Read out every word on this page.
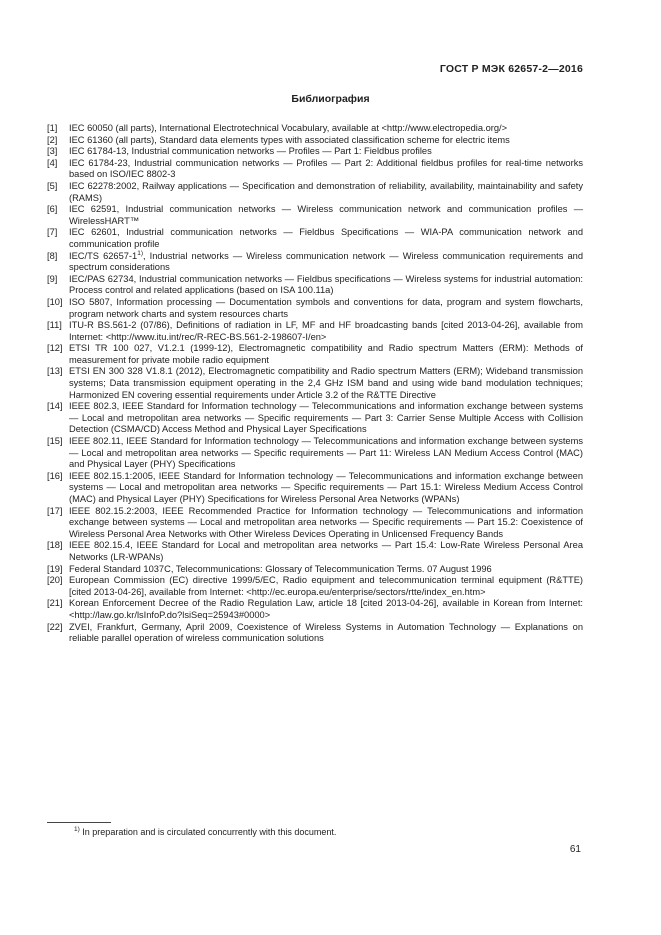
ГОСТ Р МЭК 62657-2—2016
Библиография
[1]	IEC 60050 (all parts), International Electrotechnical Vocabulary, available at <http://www.electropedia.org/>
[2]	IEC 61360 (all parts), Standard data elements types with associated classification scheme for electric items
[3]	IEC 61784-13, Industrial communication networks — Profiles — Part 1: Fieldbus profiles
[4]	IEC 61784-23, Industrial communication networks — Profiles — Part 2: Additional fieldbus profiles for real-time networks based on ISO/IEC 8802-3
[5]	IEC 62278:2002, Railway applications — Specification and demonstration of reliability, availability, maintainability and safety (RAMS)
[6]	IEC 62591, Industrial communication networks — Wireless communication network and communication profiles — WirelessHART™
[7]	IEC 62601, Industrial communication networks — Fieldbus Specifications — WIA-PA communication network and communication profile
[8]	IEC/TS 62657-1$^{1)}$, Industrial networks — Wireless communication network — Wireless communication requirements and spectrum considerations
[9]	IEC/PAS 62734, Industrial communication networks — Fieldbus specifications — Wireless systems for industrial automation: Process control and related applications (based on ISA 100.11a)
[10] ISO 5807, Information processing — Documentation symbols and conventions for data, program and system flowcharts, program network charts and system resources charts
[11] ITU-R BS.561-2 (07/86), Definitions of radiation in LF, MF and HF broadcasting bands [cited 2013-04-26], available from Internet: <http://www.itu.int/rec/R-REC-BS.561-2-198607-I/en>
[12] ETSI TR 100 027, V1.2.1 (1999-12), Electromagnetic compatibility and Radio spectrum Matters (ERM): Methods of measurement for private mobile radio equipment
[13] ETSI EN 300 328 V1.8.1 (2012), Electromagnetic compatibility and Radio spectrum Matters (ERM); Wideband transmission systems; Data transmission equipment operating in the 2,4 GHz ISM band and using wide band modulation techniques; Harmonized EN covering essential requirements under Article 3.2 of the R&TTE Directive
[14] IEEE 802.3, IEEE Standard for Information technology — Telecommunications and information exchange between systems — Local and metropolitan area networks — Specific requirements — Part 3: Carrier Sense Multiple Access with Collision Detection (CSMA/CD) Access Method and Physical Layer Specifications
[15] IEEE 802.11, IEEE Standard for Information technology — Telecommunications and information exchange between systems — Local and metropolitan area networks — Specific requirements — Part 11: Wireless LAN Medium Access Control (MAC) and Physical Layer (PHY) Specifications
[16] IEEE 802.15.1:2005, IEEE Standard for Information technology — Telecommunications and information exchange between systems — Local and metropolitan area networks — Specific requirements — Part 15.1: Wireless Medium Access Control (MAC) and Physical Layer (PHY) Specifications for Wireless Personal Area Networks (WPANs)
[17] IEEE 802.15.2:2003, IEEE Recommended Practice for Information technology — Telecommunications and information exchange between systems — Local and metropolitan area networks — Specific requirements — Part 15.2: Coexistence of Wireless Personal Area Networks with Other Wireless Devices Operating in Unlicensed Frequency Bands
[18] IEEE 802.15.4, IEEE Standard for Local and metropolitan area networks — Part 15.4: Low-Rate Wireless Personal Area Networks (LR-WPANs)
[19] Federal Standard 1037C, Telecommunications: Glossary of Telecommunication Terms. 07 August 1996
[20] European Commission (EC) directive 1999/5/EC, Radio equipment and telecommunication terminal equipment (R&TTE) [cited 2013-04-26], available from Internet: <http://ec.europa.eu/enterprise/sectors/rtte/index_en.htm>
[21] Korean Enforcement Decree of the Radio Regulation Law, article 18 [cited 2013-04-26], available in Korean from Internet: <http://law.go.kr/lsInfoP.do?lsiSeq=25943#0000>
[22] ZVEI, Frankfurt, Germany, April 2009, Coexistence of Wireless Systems in Automation Technology — Explanations on reliable parallel operation of wireless communication solutions
$^{1)}$ In preparation and is circulated concurrently with this document.
61
